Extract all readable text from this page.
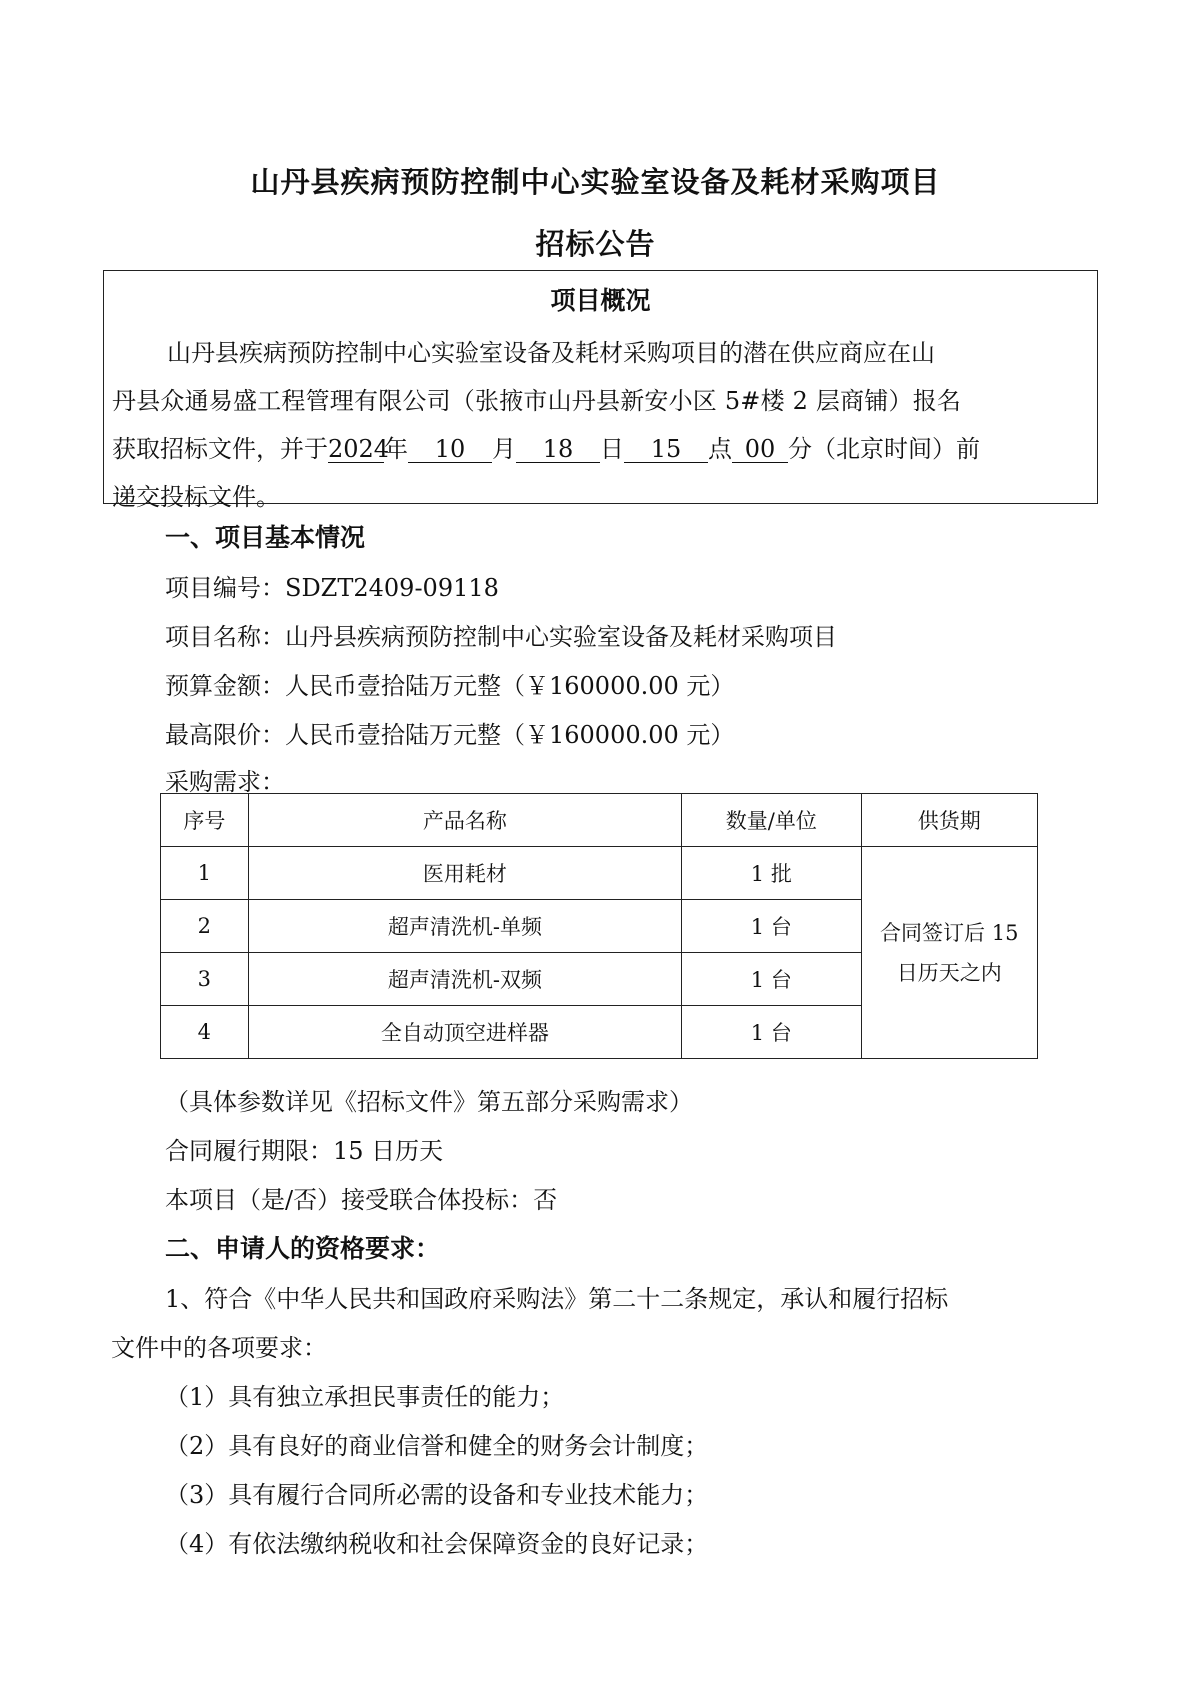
山丹县疾病预防控制中心实验室设备及耗材采购项目
招标公告
项目概况
山丹县疾病预防控制中心实验室设备及耗材采购项目的潜在供应商应在山
丹县众通易盛工程管理有限公司（张掖市山丹县新安小区 5#楼 2 层商铺）报名
获取招标文件，并于2024年 10 月 18 日 15 点 00 分（北京时间）前
递交投标文件。
一、项目基本情况
项目编号：SDZT2409-09118
项目名称：山丹县疾病预防控制中心实验室设备及耗材采购项目
预算金额：人民币壹拾陆万元整（￥160000.00 元）
最高限价：人民币壹拾陆万元整（￥160000.00 元）
采购需求：
序号	产品名称	数量/单位	供货期
1	医用耗材	1 批	合同签订后 15 日历天之内
2	超声清洗机-单频	1 台	
3	超声清洗机-双频	1 台	
4	全自动顶空进样器	1 台	
（具体参数详见《招标文件》第五部分采购需求）
合同履行期限：15 日历天
本项目（是/否）接受联合体投标：否
二、申请人的资格要求：
1、符合《中华人民共和国政府采购法》第二十二条规定，承认和履行招标
文件中的各项要求：
（1）具有独立承担民事责任的能力；
（2）具有良好的商业信誉和健全的财务会计制度；
（3）具有履行合同所必需的设备和专业技术能力；
（4）有依法缴纳税收和社会保障资金的良好记录；
